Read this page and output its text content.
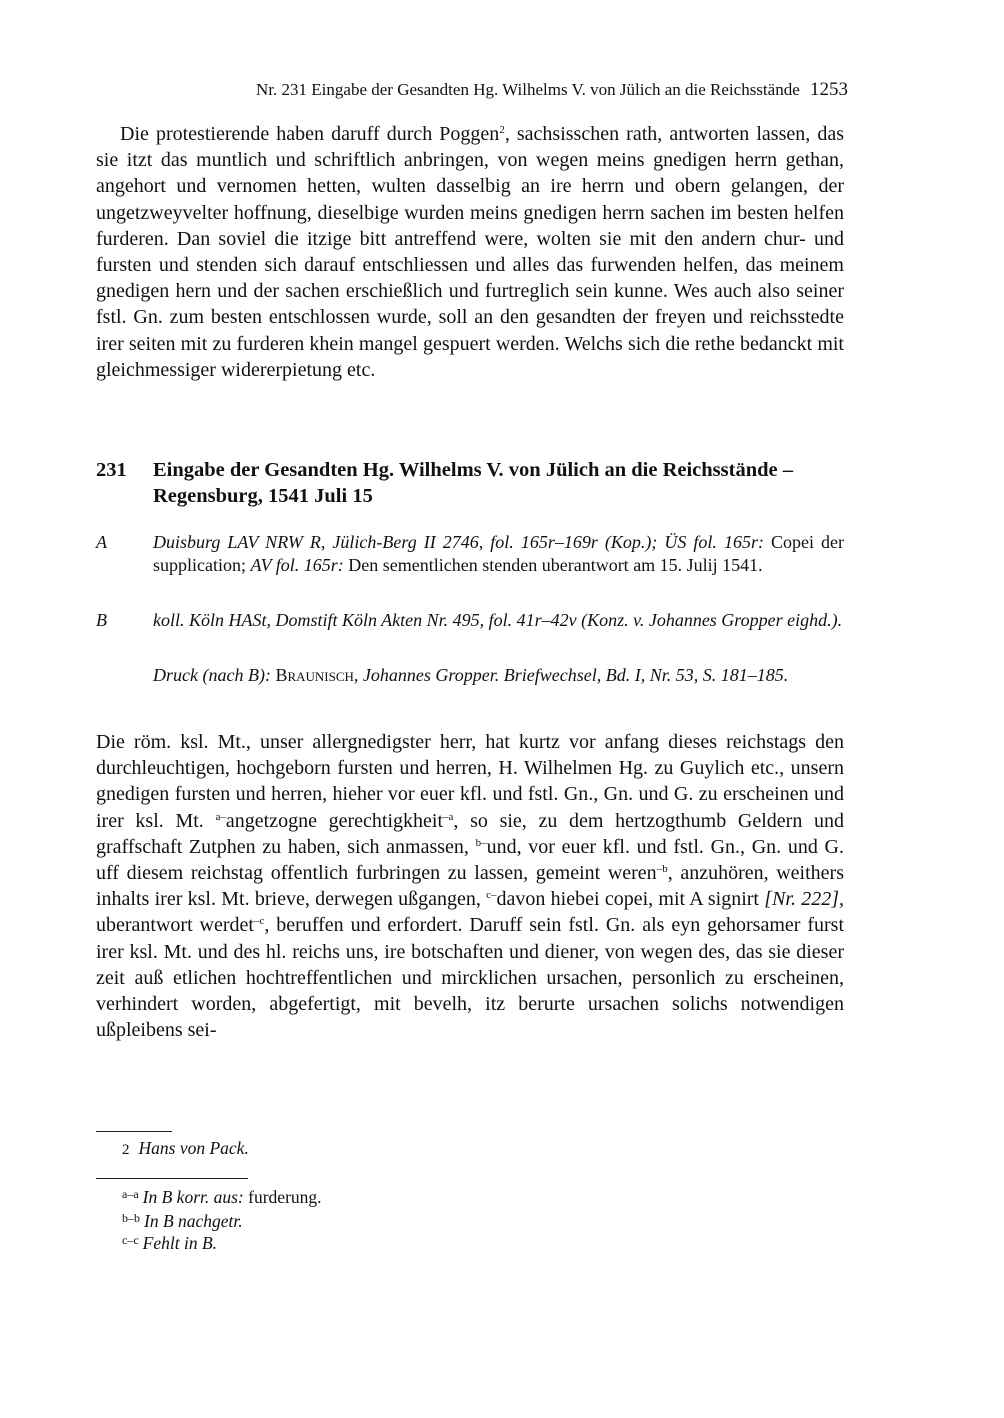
Nr. 231 Eingabe der Gesandten Hg. Wilhelms V. von Jülich an die Reichsstände 1253

Die protestierende haben daruff durch Poggen$^2$, sachsisschen rath, antworten lassen, das sie itzt das muntlich und schriftlich anbringen, von wegen meins gnedigen herrn gethan, angehort und vernomen hetten, wulten dasselbig an ire herrn und obern gelangen, der ungetzweyvelter hoffnung, dieselbige wurden meins gnedigen herrn sachen im besten helfen furderen. Dan soviel die itzige bitt antreffend were, wolten sie mit den andern chur- und fursten und stenden sich darauf entschliessen und alles das furwenden helfen, das meinem gnedigen hern und der sachen erschießlich und furtreglich sein kunne. Wes auch also seiner fstl. Gn. zum besten entschlossen wurde, soll an den gesandten der freyen und reichsstedte irer seiten mit zu furderen khein mangel gespuert werden. Welchs sich die rethe bedanckt mit gleichmessiger widererpietung etc.

231 Eingabe der Gesandten Hg. Wilhelms V. von Jülich an die Reichsstände – Regensburg, 1541 Juli 15
A	Duisburg LAV NRW R, Jülich-Berg II 2746, fol. 165r–169r (Kop.); ÜS fol. 165r: Copei der supplication; AV fol. 165r: Den sementlichen stenden uberantwort am 15. Julij 1541.
B	koll. Köln HASt, Domstift Köln Akten Nr. 495, fol. 41r–42v (Konz. v. Johannes Gropper eighd.).
Druck (nach B): Braunisch, Johannes Gropper. Briefwechsel, Bd. I, Nr. 53, S. 181–185.

Die röm. ksl. Mt., unser allergnedigster herr, hat kurtz vor anfang dieses reichstags den durchleuchtigen, hochgeborn fursten und herren, H. Wilhelmen Hg. zu Guylich etc., unsern gnedigen fursten und herren, hieher vor euer kfl. und fstl. Gn., Gn. und G. zu erscheinen und irer ksl. Mt. $^{a-}$angetzogne gerechtigkheit$^{-a}$, so sie, zu dem hertzogthumb Geldern und graffschaft Zutphen zu haben, sich anmassen, $^{b-}$und, vor euer kfl. und fstl. Gn., Gn. und G. uff diesem reichstag offentlich furbringen zu lassen, gemeint weren$^{-b}$, anzuhören, weithers inhalts irer ksl. Mt. brieve, derwegen ußgangen, $^{c-}$davon hiebei copei, mit A signirt [Nr. 222], uberantwort werdet$^{-c}$, beruffen und erfordert. Daruff sein fstl. Gn. als eyn gehorsamer furst irer ksl. Mt. und des hl. reichs uns, ire botschaften und diener, von wegen des, das sie dieser zeit auß etlichen hochtreffentlichen und mircklichen ursachen, personlich zu erscheinen, verhindert worden, abgefertigt, mit bevelh, itz berurte ursachen solichs notwendigen ußpleibens sei-

2 Hans von Pack.
$^{a-a}$ In B korr. aus: furderung.
$^{b-b}$ In B nachgetr.
$^{c-c}$ Fehlt in B.
